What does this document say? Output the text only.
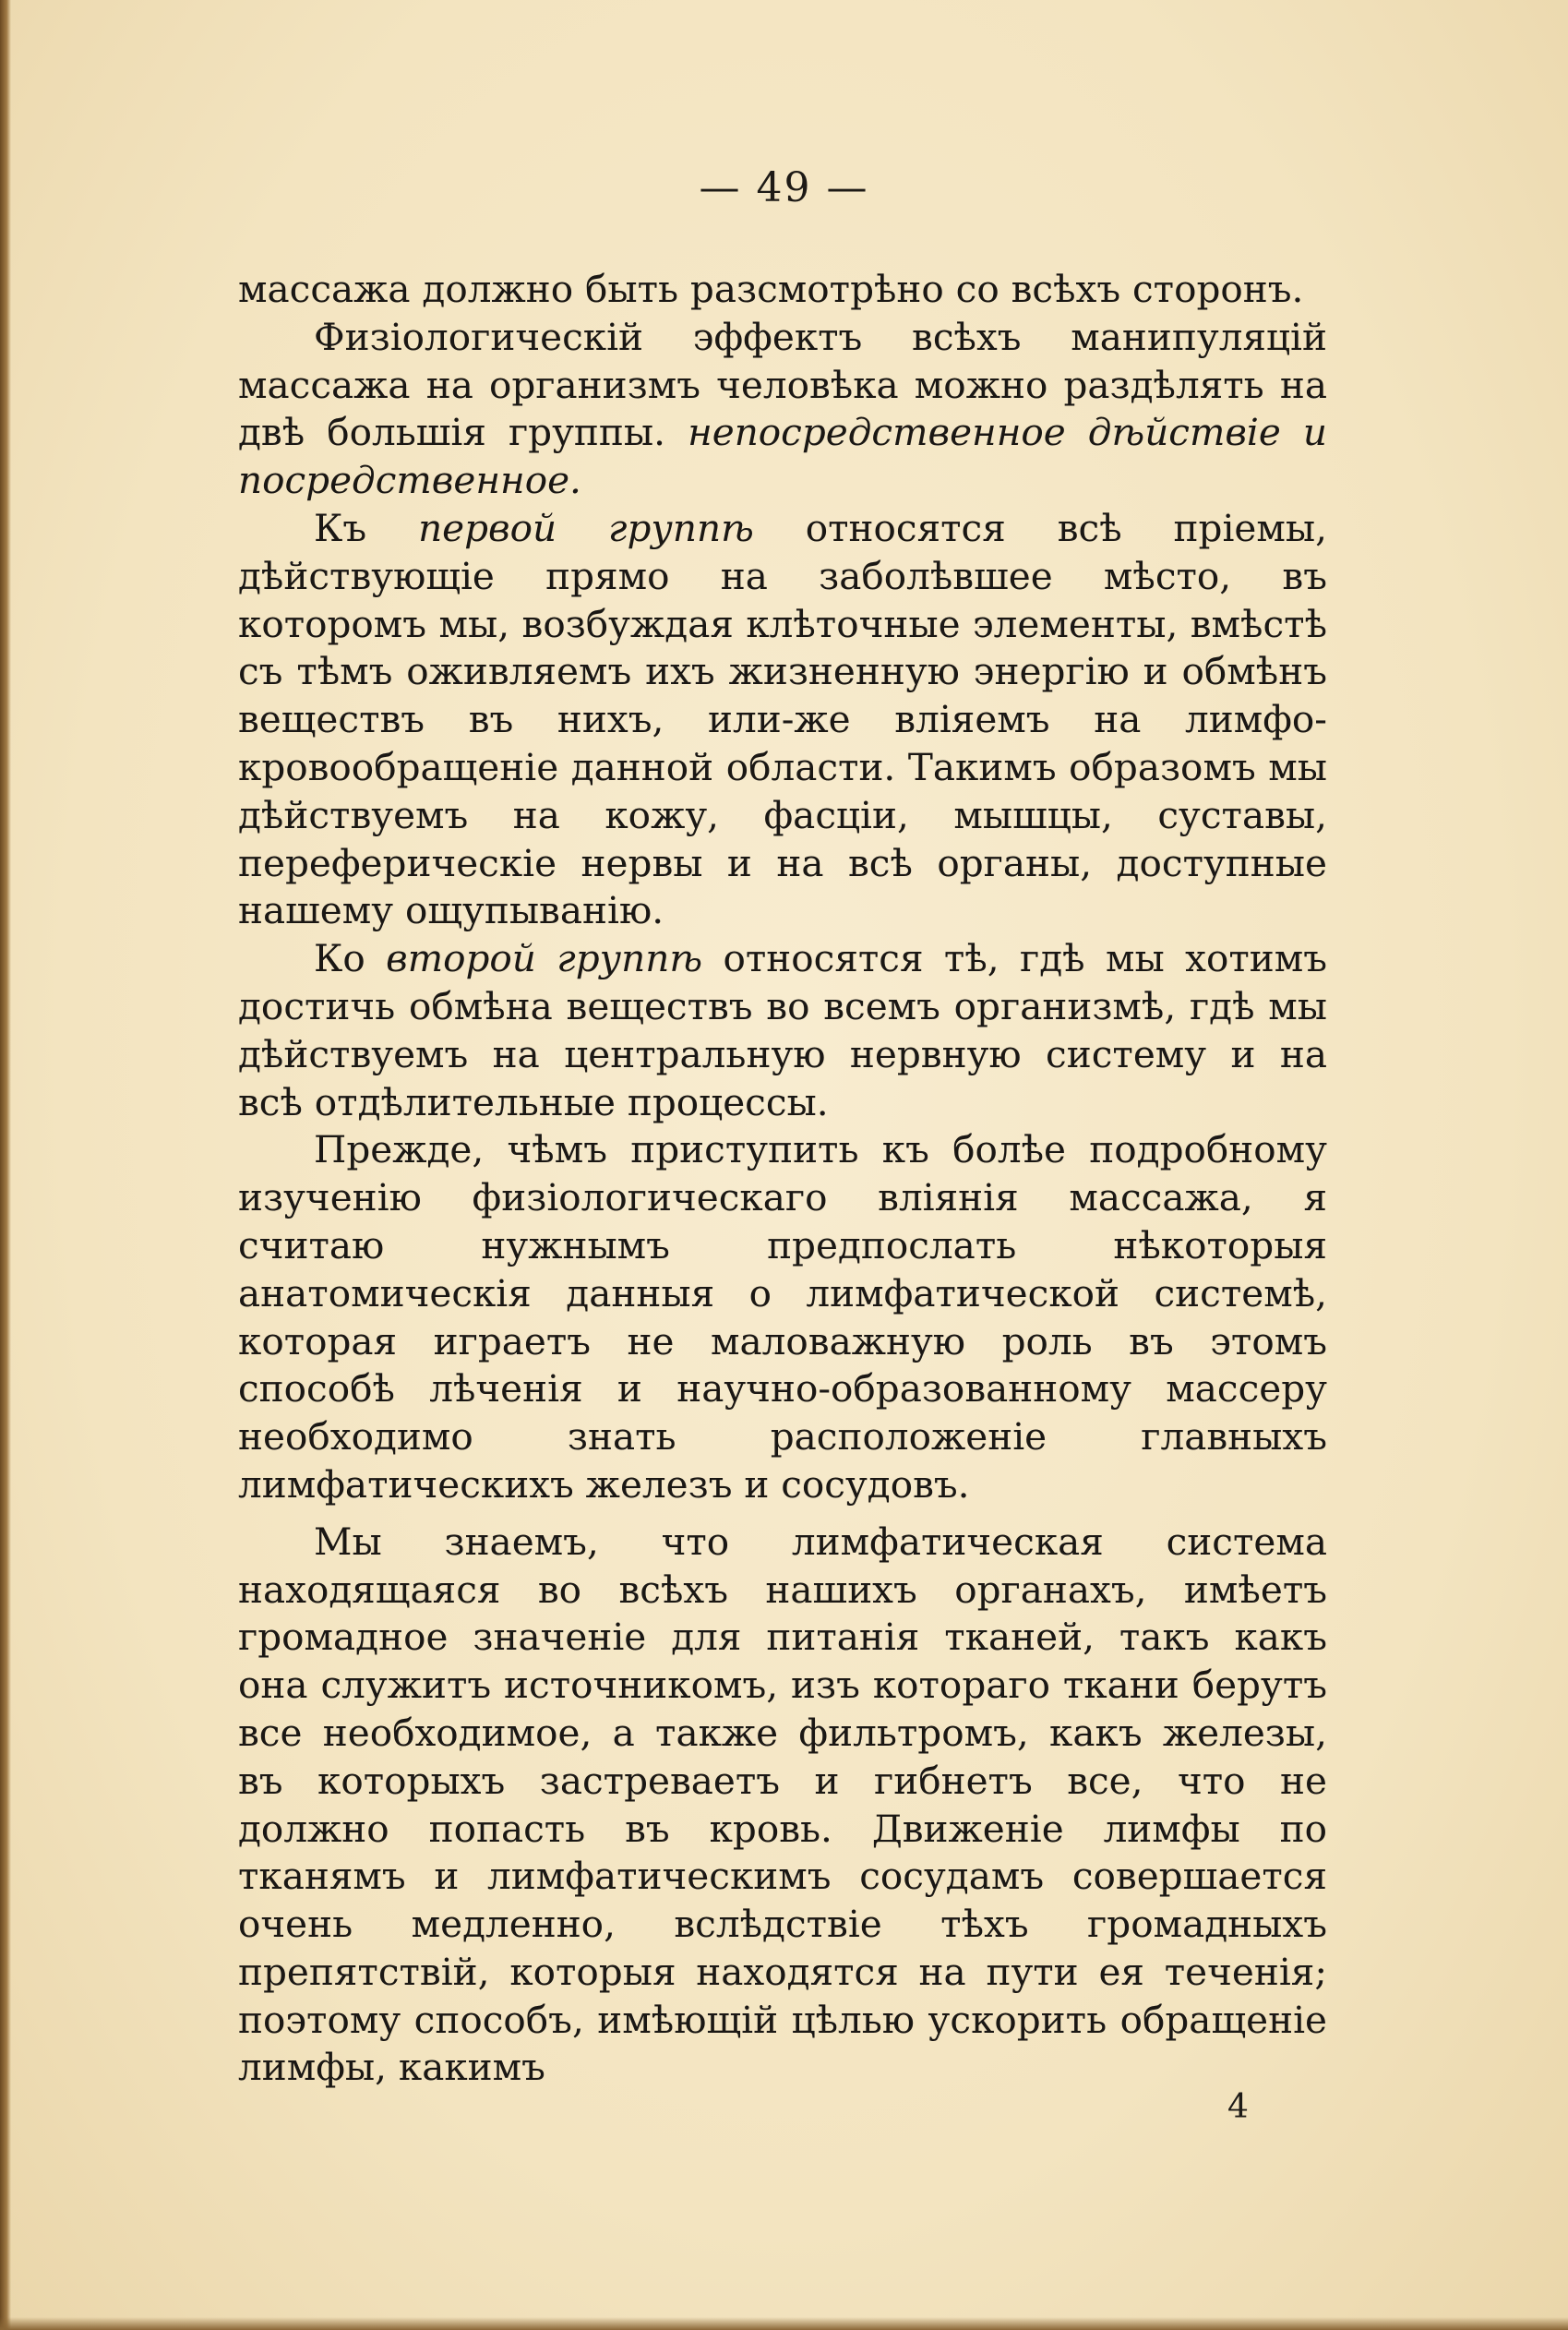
— 49 —

массажа должно быть разсмотрѣно со всѣхъ сторонъ.

Физiологическiй эффектъ всѣхъ манипуляцiй массажа на организмъ человѣка можно раздѣлять на двѣ большiя группы. непосредственное дѣйствiе и посредственное.

Къ первой группѣ относятся всѣ прiемы, дѣйствующiе прямо на заболѣвшее мѣсто, въ которомъ мы, возбуждая клѣточные элементы, вмѣстѣ съ тѣмъ оживляемъ ихъ жизненную энергiю и обмѣнъ веществъ въ нихъ, или-же влiяемъ на лимфо-кровообращенiе данной области. Такимъ образомъ мы дѣйствуемъ на кожу, фасцiи, мышцы, суставы, переферическiе нервы и на всѣ органы, доступные нашему ощупыванiю.

Ко второй группѣ относятся тѣ, гдѣ мы хотимъ достичь обмѣна веществъ во всемъ организмѣ, гдѣ мы дѣйствуемъ на центральную нервную систему и на всѣ отдѣлительные процессы.

Прежде, чѣмъ приступить къ болѣе подробному изученiю физiологическаго влiянiя массажа, я считаю нужнымъ предпослать нѣкоторыя анатомическiя данныя о лимфатической системѣ, которая играетъ не маловажную роль въ этомъ способѣ лѣченiя и научно-образованному массеру необходимо знать расположенiе главныхъ лимфатическихъ железъ и сосудовъ.

Мы знаемъ, что лимфатическая система находящаяся во всѣхъ нашихъ органахъ, имѣетъ громадное значенiе для питанiя тканей, такъ какъ она служитъ источникомъ, изъ котораго ткани берутъ все необходимое, а также фильтромъ, какъ железы, въ которыхъ застреваетъ и гибнетъ все, что не должно попасть въ кровь. Движенiе лимфы по тканямъ и лимфатическимъ сосудамъ совершается очень медленно, вслѣдствiе тѣхъ громадныхъ препятствiй, которыя находятся на пути ея теченiя; поэтому способъ, имѣющiй цѣлью ускорить обращенiе лимфы, какимъ

4
